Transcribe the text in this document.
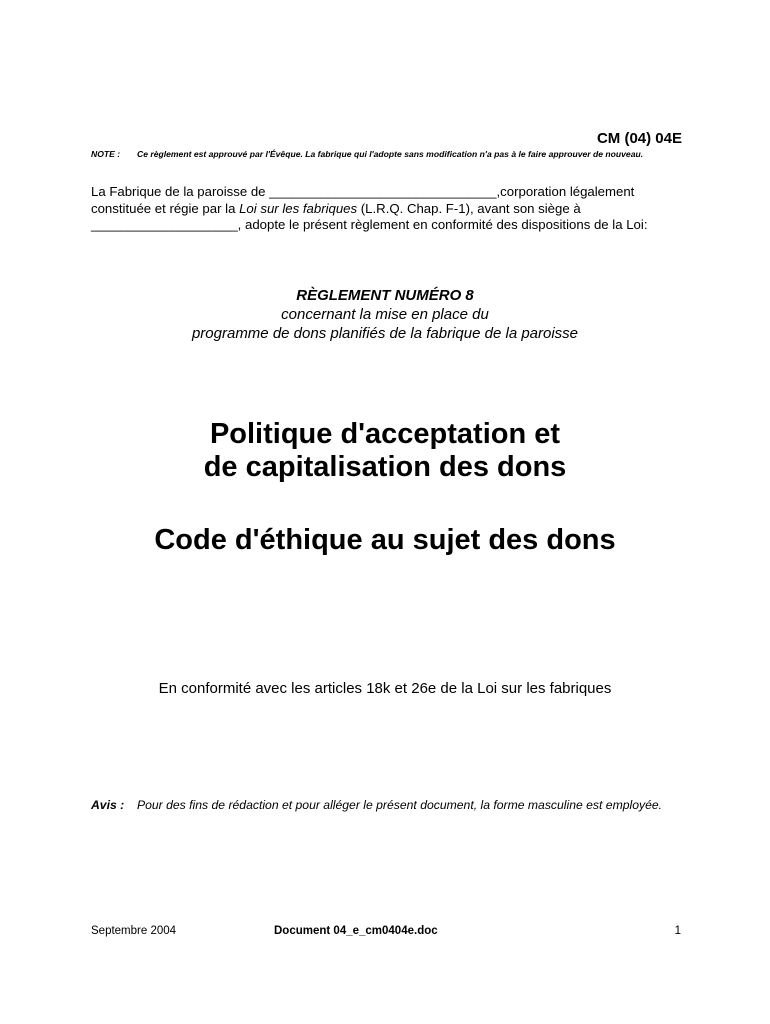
CM (04) 04E
NOTE : Ce règlement est approuvé par l'Évêque. La fabrique qui l'adopte sans modification n'a pas à le faire approuver de nouveau.
La Fabrique de la paroisse de _______________________________,corporation légalement
constituée et régie par la Loi sur les fabriques (L.R.Q. Chap. F-1), avant son siège à
____________________, adopte le présent règlement en conformité des dispositions de la Loi:
RÈGLEMENT NUMÉRO 8
concernant la mise en place du
programme de dons planifiés de la fabrique de la paroisse
Politique d'acceptation et
de capitalisation des dons
Code d'éthique au sujet des dons
En conformité avec les articles 18k et 26e de la Loi sur les fabriques
Avis : Pour des fins de rédaction et pour alléger le présent document, la forme masculine est employée.
Septembre 2004	Document 04_e_cm0404e.doc	1
